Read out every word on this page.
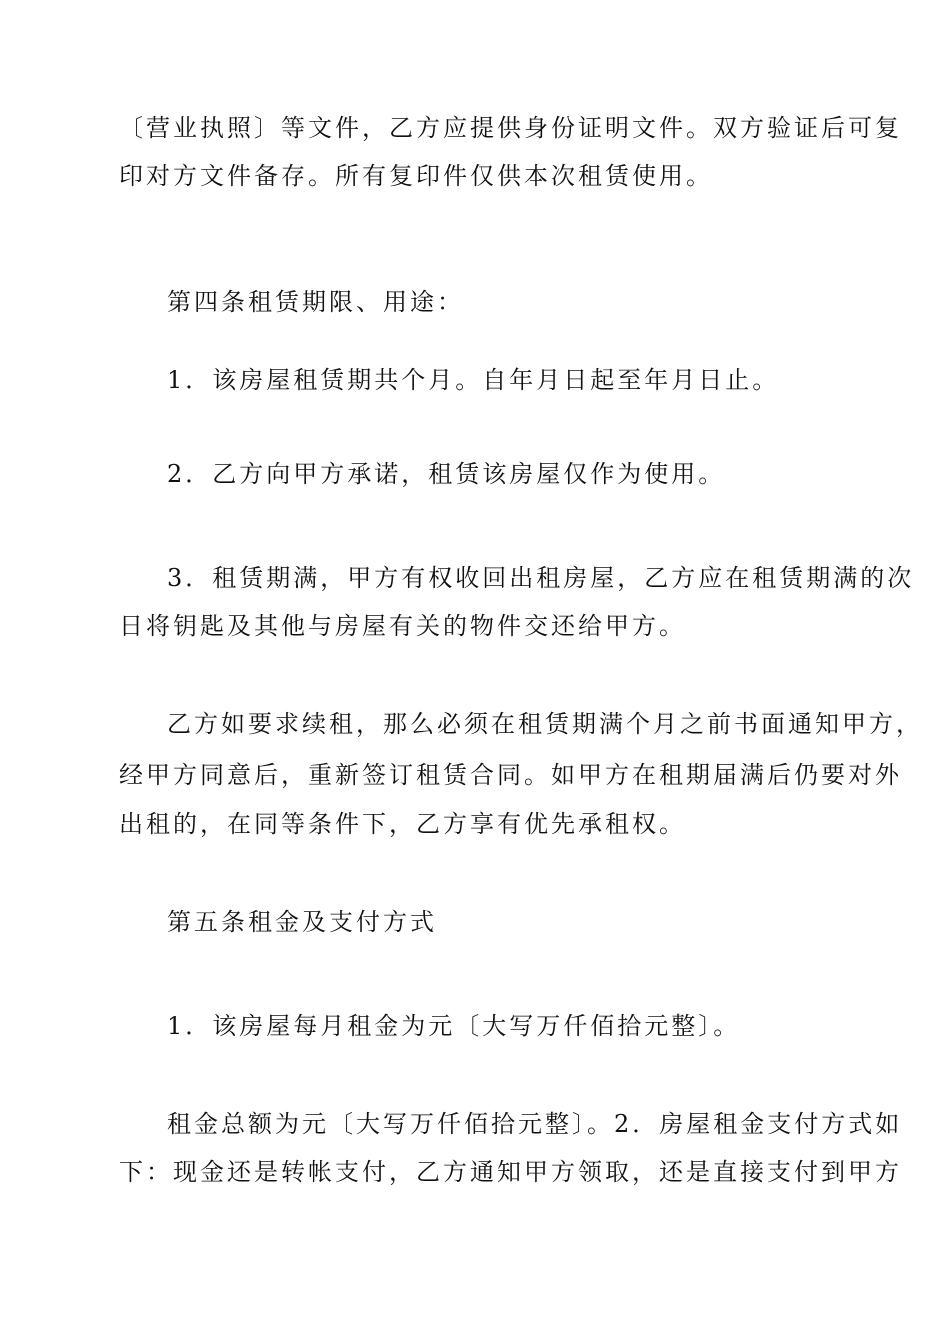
〔营业执照〕等文件，乙方应提供身份证明文件。双方验证后可复
印对方文件备存。所有复印件仅供本次租赁使用。
第四条租赁期限、用途：
1．该房屋租赁期共个月。自年月日起至年月日止。
2．乙方向甲方承诺，租赁该房屋仅作为使用。
3．租赁期满，甲方有权收回出租房屋，乙方应在租赁期满的次
日将钥匙及其他与房屋有关的物件交还给甲方。
乙方如要求续租，那么必须在租赁期满个月之前书面通知甲方，
经甲方同意后，重新签订租赁合同。如甲方在租期届满后仍要对外
出租的，在同等条件下，乙方享有优先承租权。
第五条租金及支付方式
1．该房屋每月租金为元〔大写万仟佰拾元整〕。
租金总额为元〔大写万仟佰拾元整〕。2．房屋租金支付方式如
下：现金还是转帐支付，乙方通知甲方领取，还是直接支付到甲方
